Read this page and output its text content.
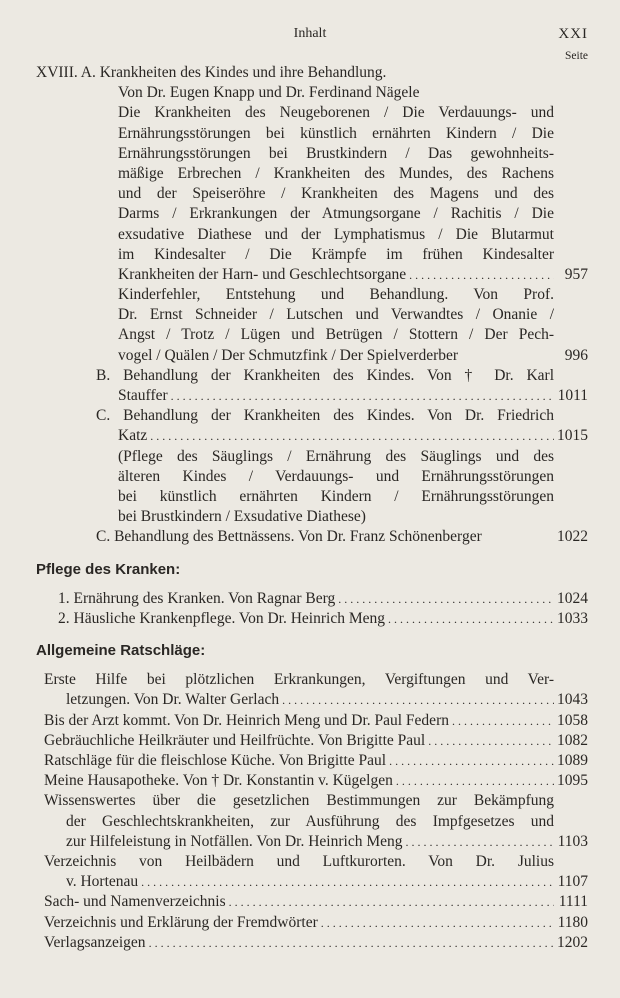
Inhalt	XXI
Seite
XVIII. A. Krankheiten des Kindes und ihre Behandlung.
Von Dr. Eugen Knapp und Dr. Ferdinand Nägele
Die Krankheiten des Neugeborenen / Die Verdauungs- und
Ernährungsstörungen bei künstlich ernährten Kindern / Die
Ernährungsstörungen bei Brustkindern / Das gewohnheits-
mäßige Erbrechen / Krankheiten des Mundes, des Rachens
und der Speiseröhre / Krankheiten des Magens und des
Darms / Erkrankungen der Atmungsorgane / Rachitis / Die
exsudative Diathese und der Lymphatismus / Die Blutarmut
im Kindesalter / Die Krämpfe im frühen Kindesalter
Krankheiten der Harn- und Geschlechtsorgane . . .	957
Kinderfehler, Entstehung und Behandlung. Von Prof.
Dr. Ernst Schneider / Lutschen und Verwandtes / Onanie /
Angst / Trotz / Lügen und Betrügen / Stottern / Der Pech-
vogel / Quälen / Der Schmutzfink / Der Spielverderber	996
B. Behandlung der Krankheiten des Kindes. Von † Dr. Karl
Stauffer . . .	1011
C. Behandlung der Krankheiten des Kindes. Von Dr. Friedrich
Katz . . .	1015
(Pflege des Säuglings / Ernährung des Säuglings und des
älteren Kindes / Verdauungs- und Ernährungsstörungen
bei künstlich ernährten Kindern / Ernährungsstörungen
bei Brustkindern / Exsudative Diathese)
C. Behandlung des Bettnässens. Von Dr. Franz Schönenberger	1022
Pflege des Kranken:
1. Ernährung des Kranken. Von Ragnar Berg . . .	1024
2. Häusliche Krankenpflege. Von Dr. Heinrich Meng . . .	1033
Allgemeine Ratschläge:
Erste Hilfe bei plötzlichen Erkrankungen, Vergiftungen und Ver-
letzungen. Von Dr. Walter Gerlach . . .	1043
Bis der Arzt kommt. Von Dr. Heinrich Meng und Dr. Paul Federn . . .	1058
Gebräuchliche Heilkräuter und Heilfrüchte. Von Brigitte Paul . . .	1082
Ratschläge für die fleischlose Küche. Von Brigitte Paul . . .	1089
Meine Hausapotheke. Von † Dr. Konstantin v. Kügelgen . . .	1095
Wissenswertes über die gesetzlichen Bestimmungen zur Bekämpfung
der Geschlechtskrankheiten, zur Ausführung des Impfgesetzes und
zur Hilfeleistung in Notfällen. Von Dr. Heinrich Meng . . .	1103
Verzeichnis von Heilbädern und Luftkurorten. Von Dr. Julius
v. Hortenau . . .	1107
Sach- und Namenverzeichnis . . .	1111
Verzeichnis und Erklärung der Fremdwörter . . .	1180
Verlagsanzeigen . . .	1202
